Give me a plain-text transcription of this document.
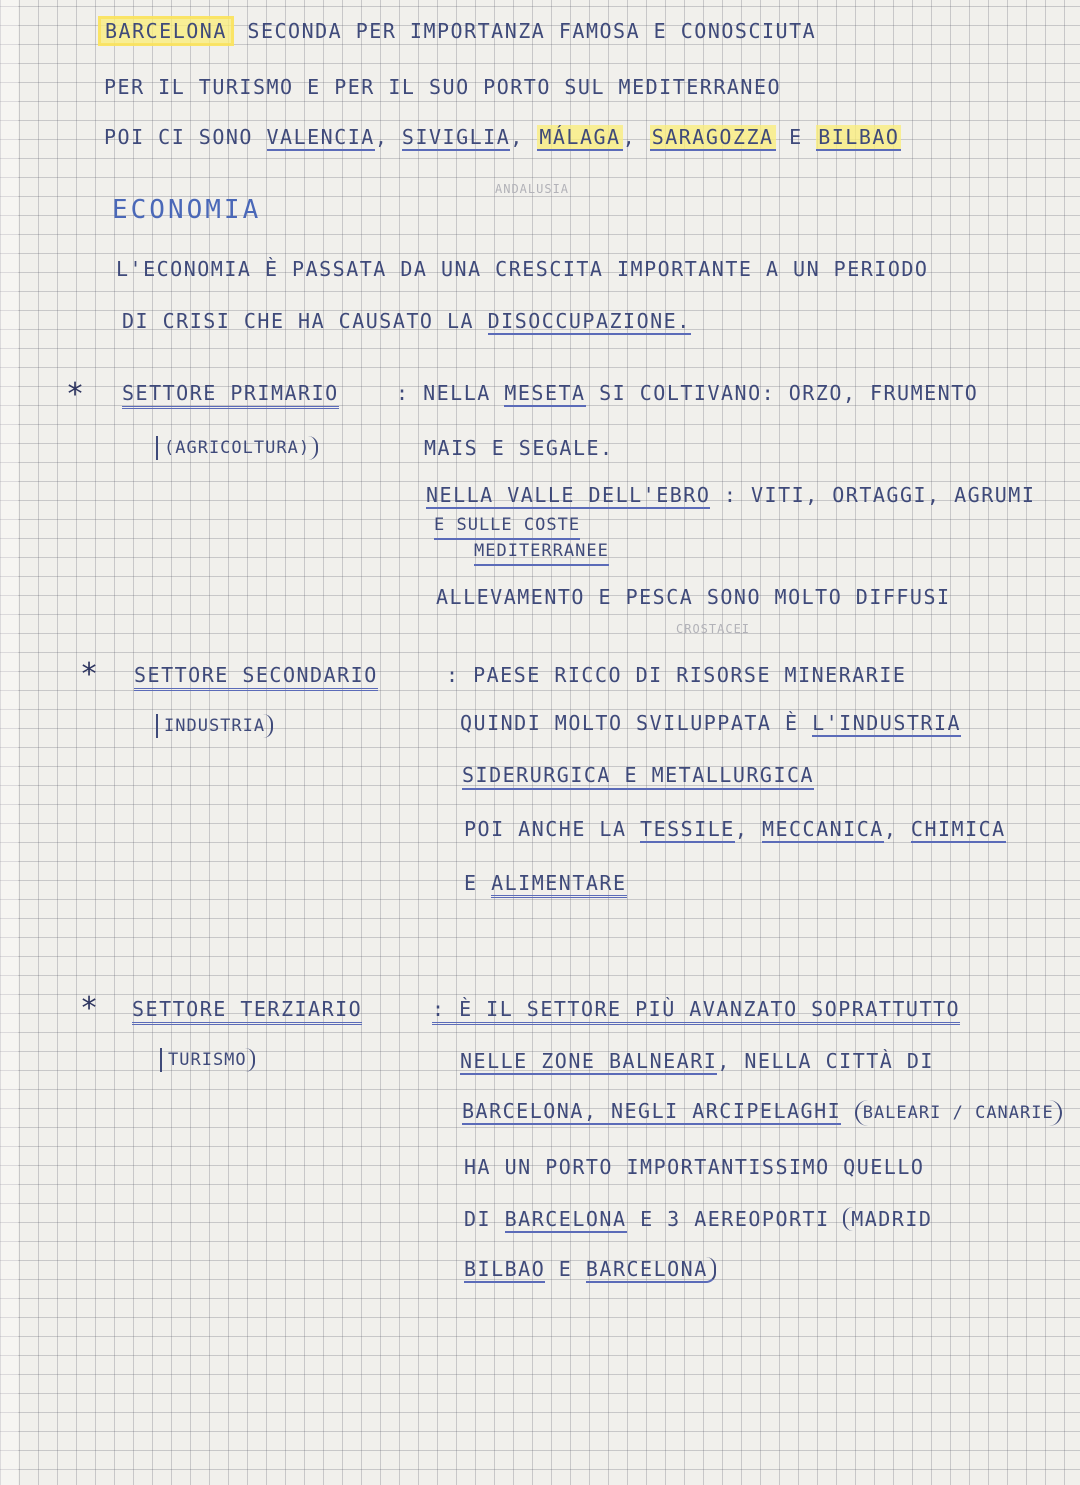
BARCELONA SECONDA PER IMPORTANZA FAMOSA E CONOSCIUTA
PER IL TURISMO E PER IL SUO PORTO SUL MEDITERRANEO
POI CI SONO VALENCIA, SIVIGLIA, MÁLAGA , SARAGOZZA E BILBAO
ANDALUSIA
ECONOMIA
L'ECONOMIA È PASSATA DA UNA CRESCITA IMPORTANTE A UN PERIODO
DI CRISI CHE HA CAUSATO LA DISOCCUPAZIONE.
* SETTORE PRIMARIO
(AGRICOLTURA)
: NELLA MESETA SI COLTIVANO: ORZO, FRUMENTO
MAIS E SEGALE.
NELLA VALLE DELL'EBRO : VITI, ORTAGGI, AGRUMI
E SULLE COSTE
MEDITERRANEE
ALLEVAMENTO E PESCA SONO MOLTO DIFFUSI
CROSTACEI
* SETTORE SECONDARIO
INDUSTRIA
: PAESE RICCO DI RISORSE MINERARIE
QUINDI MOLTO SVILUPPATA È L'INDUSTRIA
SIDERURGICA E METALLURGICA
POI ANCHE LA TESSILE, MECCANICA, CHIMICA
E ALIMENTARE
* SETTORE TERZIARIO
TURISMO
: È IL SETTORE PIÙ AVANZATO SOPRATTUTTO
NELLE ZONE BALNEARI, NELLA CITTÀ DI
BARCELONA, NEGLI ARCIPELAGHI BALEARI / CANARIE
HA UN PORTO IMPORTANTISSIMO QUELLO
DI BARCELONA E 3 AEREOPORTI MADRID
BILBAO E BARCELONA
